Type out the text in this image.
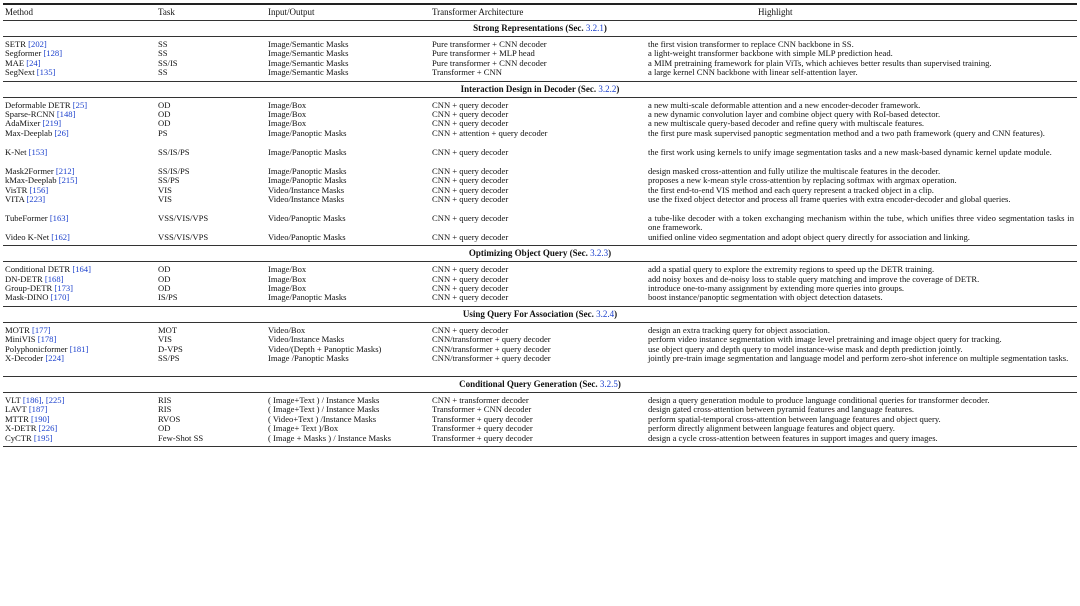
Method	Task	Input/Output	Transformer Architecture	Highlight
Strong Representations (Sec. 3.2.1)
SETR [202]	SS	Image/Semantic Masks	Pure transformer + CNN decoder	the first vision transformer to replace CNN backbone in SS.
Segformer [128]	SS	Image/Semantic Masks	Pure transformer + MLP head	a light-weight transformer backbone with simple MLP prediction head.
MAE [24]	SS/IS	Image/Semantic Masks	Pure transformer + CNN decoder	a MIM pretraining framework for plain ViTs, which achieves better results than supervised training.
SegNext [135]	SS	Image/Semantic Masks	Transformer + CNN	a large kernel CNN backbone with linear self-attention layer.
Interaction Design in Decoder (Sec. 3.2.2)
Deformable DETR [25]	OD	Image/Box	CNN + query decoder	a new multi-scale deformable attention and a new encoder-decoder framework.
Sparse-RCNN [148]	OD	Image/Box	CNN + query decoder	a new dynamic convolution layer and combine object query with RoI-based detector.
AdaMixer [219]	OD	Image/Box	CNN + query decoder	a new multiscale query-based decoder and refine query with multiscale features.
Max-Deeplab [26]	PS	Image/Panoptic Masks	CNN + attention + query decoder	the first pure mask supervised panoptic segmentation method and a two path framework (query and CNN features).
K-Net [153]	SS/IS/PS	Image/Panoptic Masks	CNN + query decoder	the first work using kernels to unify image segmentation tasks and a new mask-based dynamic kernel update module.
Mask2Former [212]	SS/IS/PS	Image/Panoptic Masks	CNN + query decoder	design masked cross-attention and fully utilize the multiscale features in the decoder.
kMax-Deeplab [215]	SS/PS	Image/Panoptic Masks	CNN + query decoder	proposes a new k-mean style cross-attention by replacing softmax with argmax operation.
VisTR [156]	VIS	Video/Instance Masks	CNN + query decoder	the first end-to-end VIS method and each query represent a tracked object in a clip.
VITA [223]	VIS	Video/Instance Masks	CNN + query decoder	use the fixed object detector and process all frame queries with extra encoder-decoder and global queries.
TubeFormer [163]	VSS/VIS/VPS	Video/Panoptic Masks	CNN + query decoder	a tube-like decoder with a token exchanging mechanism within the tube, which unifies three video segmentation tasks in one framework.
Video K-Net [162]	VSS/VIS/VPS	Video/Panoptic Masks	CNN + query decoder	unified online video segmentation and adopt object query directly for association and linking.
Optimizing Object Query (Sec. 3.2.3)
Conditional DETR [164]	OD	Image/Box	CNN + query decoder	add a spatial query to explore the extremity regions to speed up the DETR training.
DN-DETR [168]	OD	Image/Box	CNN + query decoder	add noisy boxes and de-noisy loss to stable query matching and improve the coverage of DETR.
Group-DETR [173]	OD	Image/Box	CNN + query decoder	introduce one-to-many assignment by extending more queries into groups.
Mask-DINO [170]	IS/PS	Image/Panoptic Masks	CNN + query decoder	boost instance/panoptic segmentation with object detection datasets.
Using Query For Association (Sec. 3.2.4)
MOTR [177]	MOT	Video/Box	CNN + query decoder	design an extra tracking query for object association.
MiniVIS [178]	VIS	Video/Instance Masks	CNN/transformer + query decoder	perform video instance segmentation with image level pretraining and image object query for tracking.
Polyphonicformer [181]	D-VPS	Video/(Depth + Panoptic Masks)	CNN/transformer + query decoder	use object query and depth query to model instance-wise mask and depth prediction jointly.
X-Decoder [224]	SS/PS	Image /Panoptic Masks	CNN/transformer + query decoder	jointly pre-train image segmentation and language model and perform zero-shot inference on multiple segmentation tasks.
Conditional Query Generation (Sec. 3.2.5)
VLT [186], [225]	RIS	( Image+Text ) / Instance Masks	CNN + transformer decoder	design a query generation module to produce language conditional queries for transformer decoder.
LAVT [187]	RIS	( Image+Text ) / Instance Masks	Transformer + CNN decoder	design gated cross-attention between pyramid features and language features.
MTTR [190]	RVOS	( Video+Text ) /Instance Masks	Transformer + query decoder	perform spatial-temporal cross-attention between language features and object query.
X-DETR [226]	OD	( Image+ Text )/Box	Transformer + query decoder	perform directly alignment between language features and object query.
CyCTR [195]	Few-Shot SS	( Image + Masks ) / Instance Masks	Transformer + query decoder	design a cycle cross-attention between features in support images and query images.
